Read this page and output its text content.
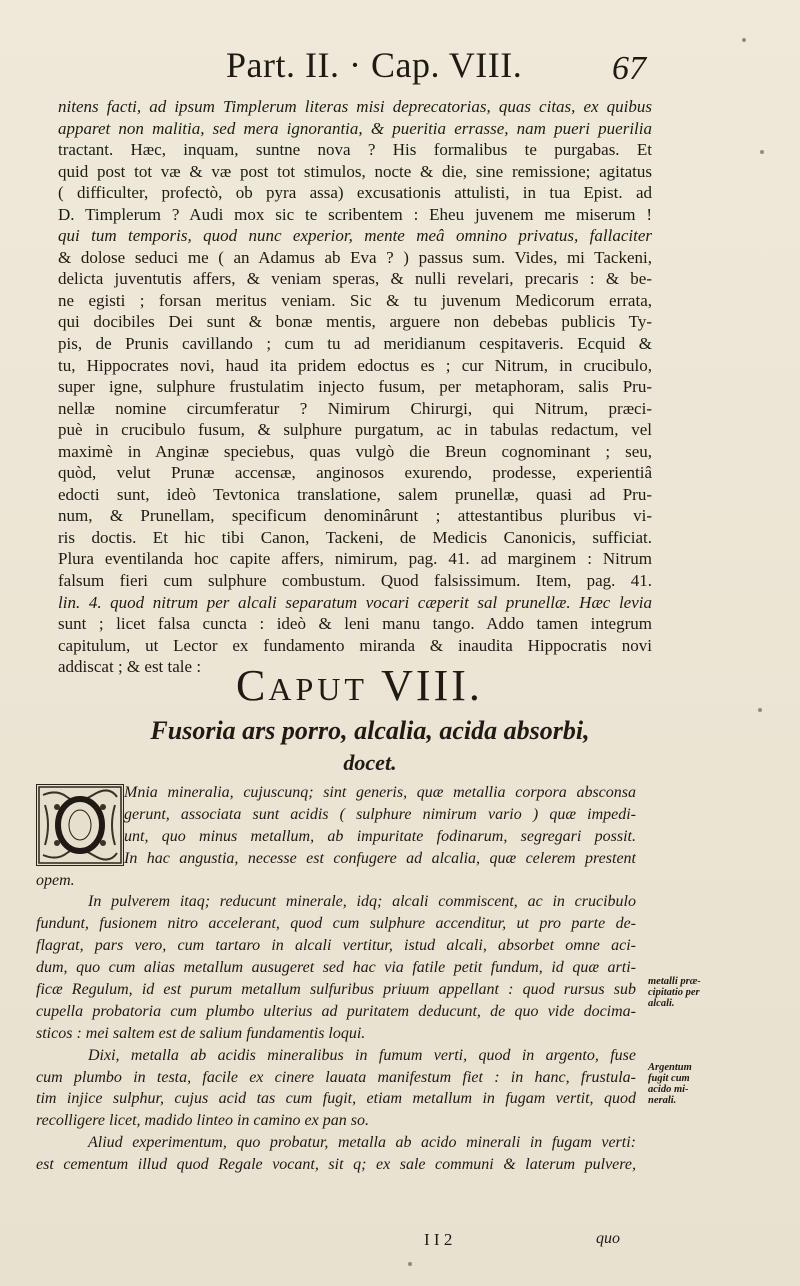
Part. II. · Cap. VIII.	67
nitens facti, ad ipsum Timplerum literas misi deprecatorias, quas citas, ex quibus
apparet non malitia, sed mera ignorantia, & pueritia errasse, nam pueri puerilia
tractant. Hæc, inquam, suntne nova ? His formalibus te purgabas. Et
quid post tot væ & væ post tot stimulos, nocte & die, sine remissione; agitatus
( difficulter, profectò, ob pyra assa) excusationis attulisti, in tua Epist. ad
D. Timplerum ? Audi mox sic te scribentem : Eheu juvenem me miserum !
qui tum temporis, quod nunc experior, mente meâ omnino privatus, fallaciter
& dolose seduci me ( an Adamus ab Eva ? ) passus sum. Vides, mi Tackeni,
delicta juventutis affers, & veniam speras, & nulli revelari, precaris : & be-
ne egisti ; forsan meritus veniam. Sic & tu juvenum Medicorum errata,
qui docibiles Dei sunt & bonæ mentis, arguere non debebas publicis Ty-
pis, de Prunis cavillando ; cum tu ad meridianum cespitaveris. Ecquid &
tu, Hippocrates novi, haud ita pridem edoctus es ; cur Nitrum, in crucibulo,
super igne, sulphure frustulatim injecto fusum, per metaphoram, salis Pru-
nellæ nomine circumferatur ? Nimirum Chirurgi, qui Nitrum, præci-
puè in crucibulo fusum, & sulphure purgatum, ac in tabulas redactum, vel
maximè in Anginæ speciebus, quas vulgò die Breun cognominant ; seu,
quòd, velut Prunæ accensæ, anginosos exurendo, prodesse, experientiâ
edocti sunt, ideò Tevtonica translatione, salem prunellæ, quasi ad Pru-
num, & Prunellam, specificum denominârunt ; attestantibus pluribus vi-
ris doctis. Et hic tibi Canon, Tackeni, de Medicis Canonicis, sufficiat.
Plura eventilanda hoc capite affers, nimirum, pag. 41. ad marginem : Nitrum
falsum fieri cum sulphure combustum. Quod falsissimum. Item, pag. 41.
lin. 4. quod nitrum per alcali separatum vocari cæperit sal prunellæ. Hæc levia
sunt ; licet falsa cuncta : ideò & leni manu tango. Addo tamen integrum
capitulum, ut Lector ex fundamento miranda & inaudita Hippocratis novi
addiscat ; & est tale : CAPUT VIII.
Fusoria ars porro, alcalia, acida absorbi,
docet.
Mnia mineralia, cujuscunq; sint generis, quæ metallia corpora absconsa
gerunt, associata sunt acidis ( sulphure nimirum vario ) quæ impedi-
unt, quo minus metallum, ab impuritate fodinarum, segregari possit.
In hac angustia, necesse est confugere ad alcalia, quæ celerem prestent
opem.
In pulverem itaq; reducunt minerale, idq; alcali commiscent, ac in crucibulo
fundunt, fusionem nitro accelerant, quod cum sulphure accenditur, ut pro parte de-
flagrat, pars vero, cum tartaro in alcali vertitur, istud alcali, absorbet omne aci-
dum, quo cum alias metallum ausugeret sed hac via fatile petit fundum, id quæ arti-
ficæ Regulum, id est purum metallum sulfuribus priuum appellant : quod rursus sub
cupella probatoria cum plumbo ulterius ad puritatem deducunt, de quo vide docima-
sticos : mei saltem est de salium fundamentis loqui.
Dixi, metalla ab acidis mineralibus in fumum verti, quod in argento, fuse
cum plumbo in testa, facile ex cinere lauata manifestum fiet : in hanc, frustula-
tim injice sulphur, cujus acid tas cum fugit, etiam metallum in fugam vertit, quod
recolligere licet, madido linteo in camino ex pan so.
Aliud experimentum, quo probatur, metalla ab acido minerali in fugam verti:
est cementum illud quod Regale vocant, sit q; ex sale communi & laterum pulvere,
metalli præ-
cipitatio per
alcali.
Argentum
fugit cum
acido mi-
nerali.
I I 2	quo
